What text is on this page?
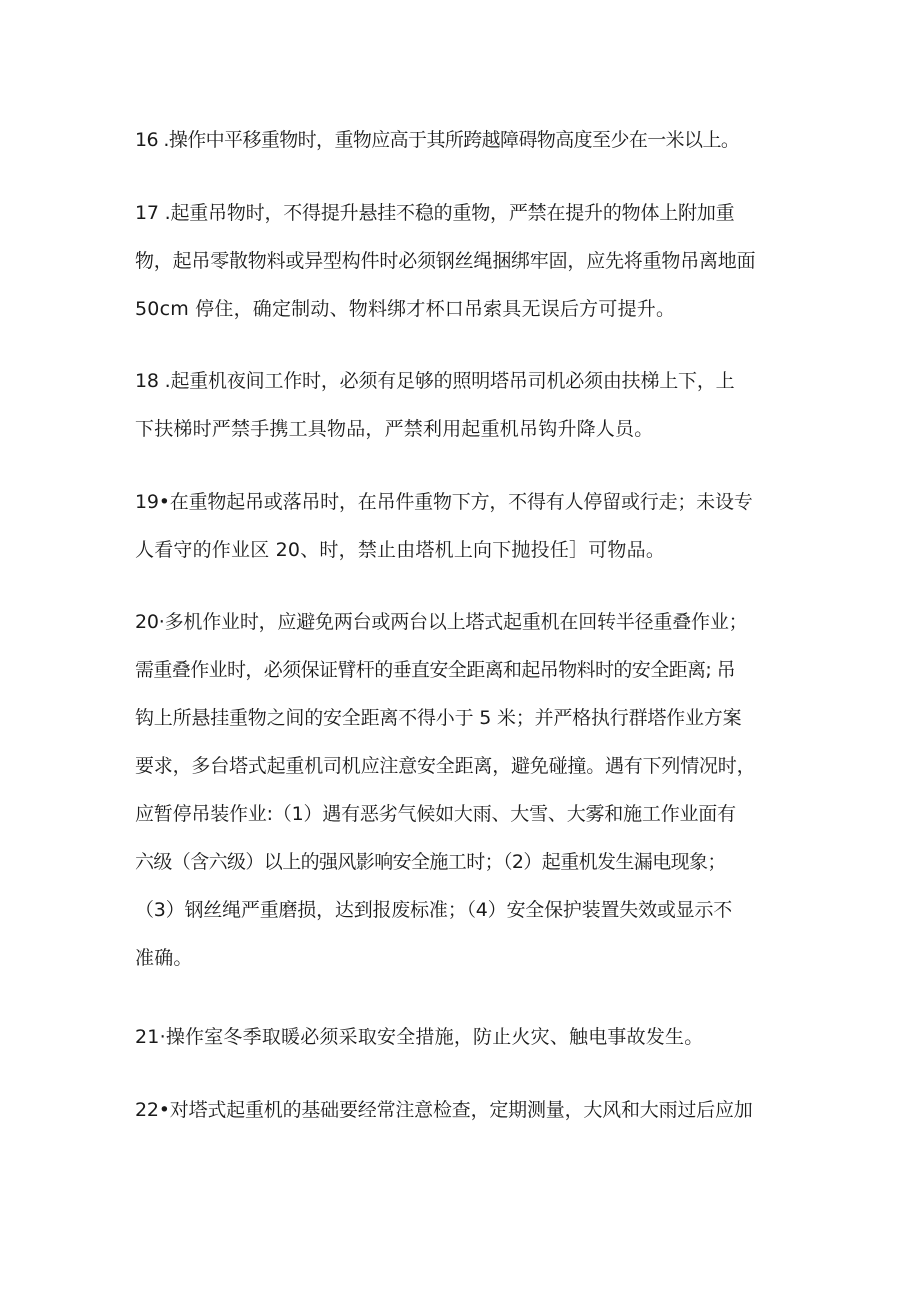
16 .操作中平移重物时，重物应高于其所跨越障碍物高度至少在一米以上。

17 .起重吊物时，不得提升悬挂不稳的重物，严禁在提升的物体上附加重
物，起吊零散物料或异型构件时必须钢丝绳捆绑牢固，应先将重物吊离地面
50cm 停住，确定制动、物料绑才杯口吊索具无误后方可提升。

18 .起重机夜间工作时，必须有足够的照明塔吊司机必须由扶梯上下，上
下扶梯时严禁手携工具物品，严禁利用起重机吊钩升降人员。

19•在重物起吊或落吊时，在吊件重物下方，不得有人停留或行走；未设专
人看守的作业区 20、时，禁止由塔机上向下抛投任］可物品。

20·多机作业时，应避免两台或两台以上塔式起重机在回转半径重叠作业；
需重叠作业时，必须保证臂杆的垂直安全距离和起吊物料时的安全距离; 吊
钩上所悬挂重物之间的安全距离不得小于 5 米；并严格执行群塔作业方案
要求，多台塔式起重机司机应注意安全距离，避免碰撞。遇有下列情况时，
应暂停吊装作业:（1）遇有恶劣气候如大雨、大雪、大雾和施工作业面有
六级（含六级）以上的强风影响安全施工时；（2）起重机发生漏电现象；
（3）钢丝绳严重磨损，达到报废标准；（4）安全保护装置失效或显示不
准确。

21·操作室冬季取暖必须采取安全措施，防止火灾、触电事故发生。

22•对塔式起重机的基础要经常注意检查，定期测量，大风和大雨过后应加
